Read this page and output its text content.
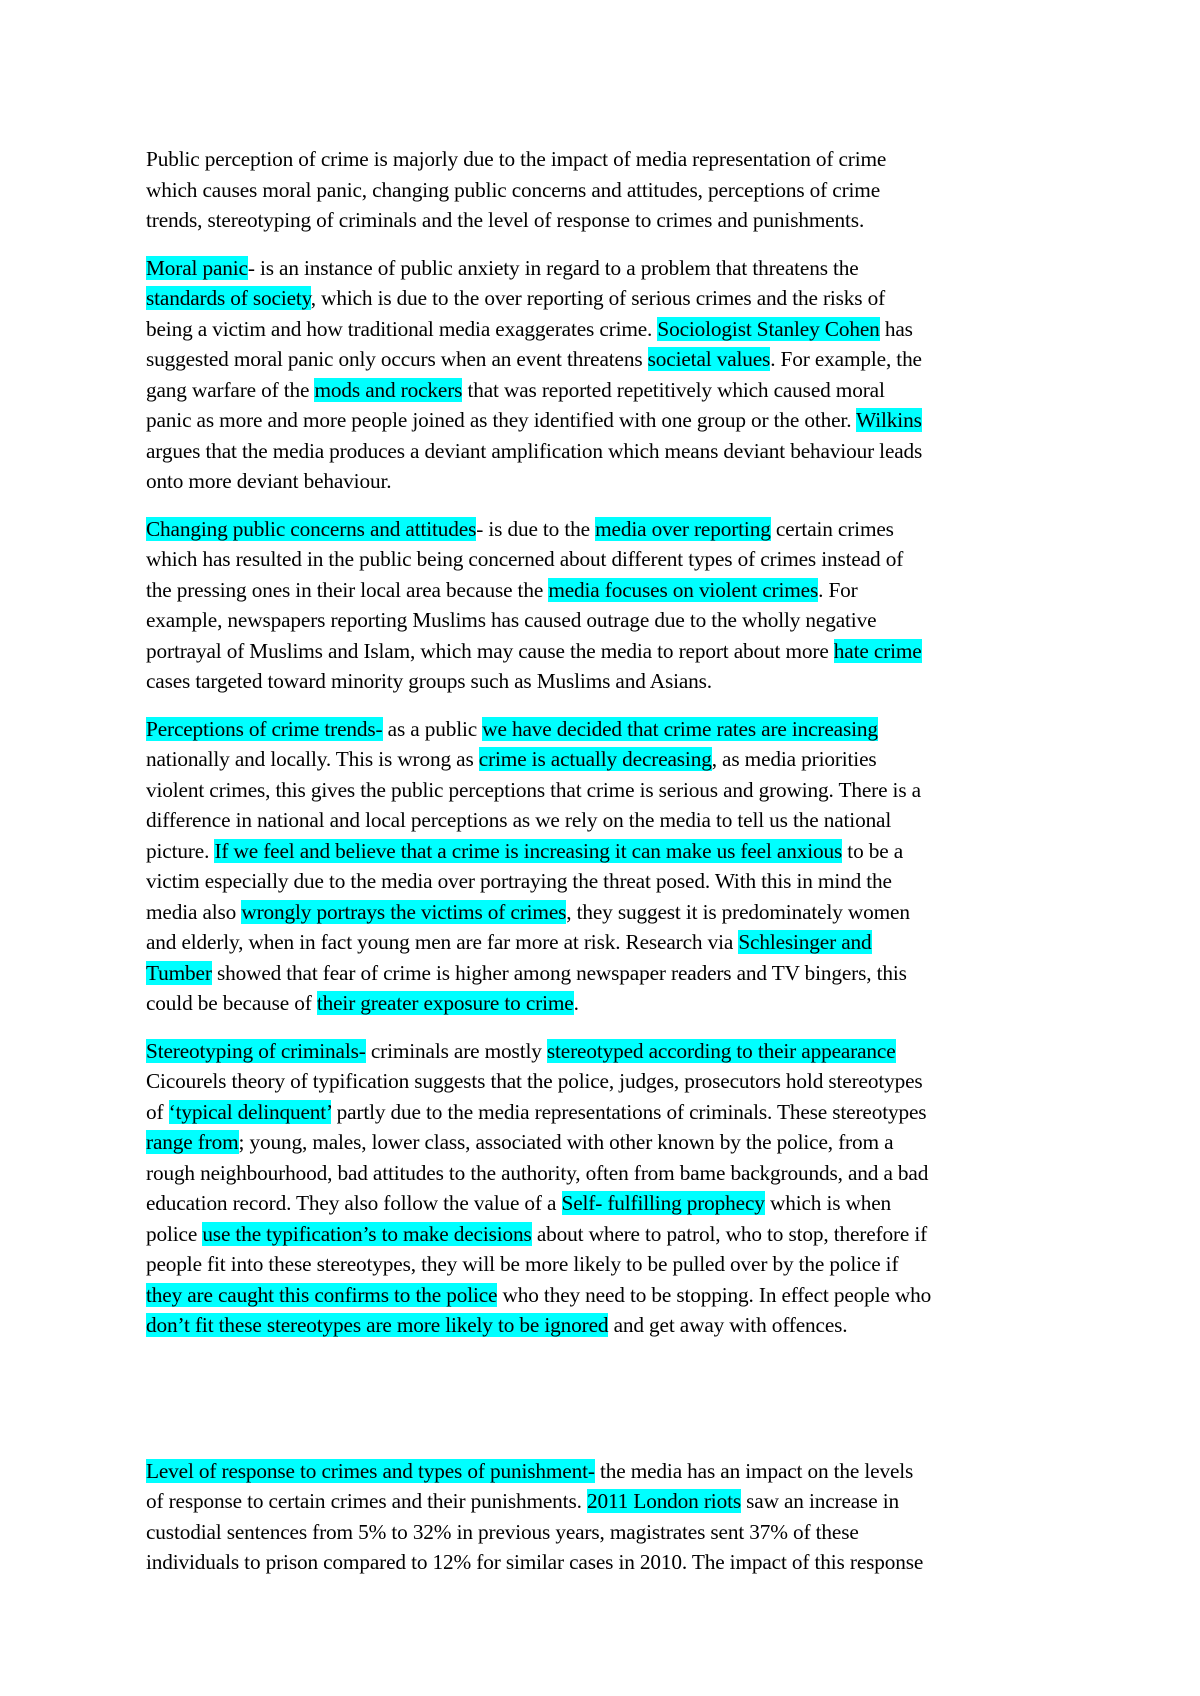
Public perception of crime is majorly due to the impact of media representation of crime
which causes moral panic, changing public concerns and attitudes, perceptions of crime
trends, stereotyping of criminals and the level of response to crimes and punishments.

Moral panic- is an instance of public anxiety in regard to a problem that threatens the
standards of society, which is due to the over reporting of serious crimes and the risks of
being a victim and how traditional media exaggerates crime. Sociologist Stanley Cohen has
suggested moral panic only occurs when an event threatens societal values. For example, the
gang warfare of the mods and rockers that was reported repetitively which caused moral
panic as more and more people joined as they identified with one group or the other. Wilkins
argues that the media produces a deviant amplification which means deviant behaviour leads
onto more deviant behaviour.

Changing public concerns and attitudes- is due to the media over reporting certain crimes
which has resulted in the public being concerned about different types of crimes instead of
the pressing ones in their local area because the media focuses on violent crimes. For
example, newspapers reporting Muslims has caused outrage due to the wholly negative
portrayal of Muslims and Islam, which may cause the media to report about more hate crime
cases targeted toward minority groups such as Muslims and Asians.

Perceptions of crime trends- as a public we have decided that crime rates are increasing
nationally and locally. This is wrong as crime is actually decreasing, as media priorities
violent crimes, this gives the public perceptions that crime is serious and growing. There is a
difference in national and local perceptions as we rely on the media to tell us the national
picture. If we feel and believe that a crime is increasing it can make us feel anxious to be a
victim especially due to the media over portraying the threat posed. With this in mind the
media also wrongly portrays the victims of crimes, they suggest it is predominately women
and elderly, when in fact young men are far more at risk. Research via Schlesinger and
Tumber showed that fear of crime is higher among newspaper readers and TV bingers, this
could be because of their greater exposure to crime.

Stereotyping of criminals- criminals are mostly stereotyped according to their appearance
Cicourels theory of typification suggests that the police, judges, prosecutors hold stereotypes
of ‘typical delinquent’ partly due to the media representations of criminals. These stereotypes
range from; young, males, lower class, associated with other known by the police, from a
rough neighbourhood, bad attitudes to the authority, often from bame backgrounds, and a bad
education record. They also follow the value of a Self- fulfilling prophecy which is when
police use the typification’s to make decisions about where to patrol, who to stop, therefore if
people fit into these stereotypes, they will be more likely to be pulled over by the police if
they are caught this confirms to the police who they need to be stopping. In effect people who
don’t fit these stereotypes are more likely to be ignored and get away with offences.

Level of response to crimes and types of punishment- the media has an impact on the levels
of response to certain crimes and their punishments. 2011 London riots saw an increase in
custodial sentences from 5% to 32% in previous years, magistrates sent 37% of these
individuals to prison compared to 12% for similar cases in 2010. The impact of this response
